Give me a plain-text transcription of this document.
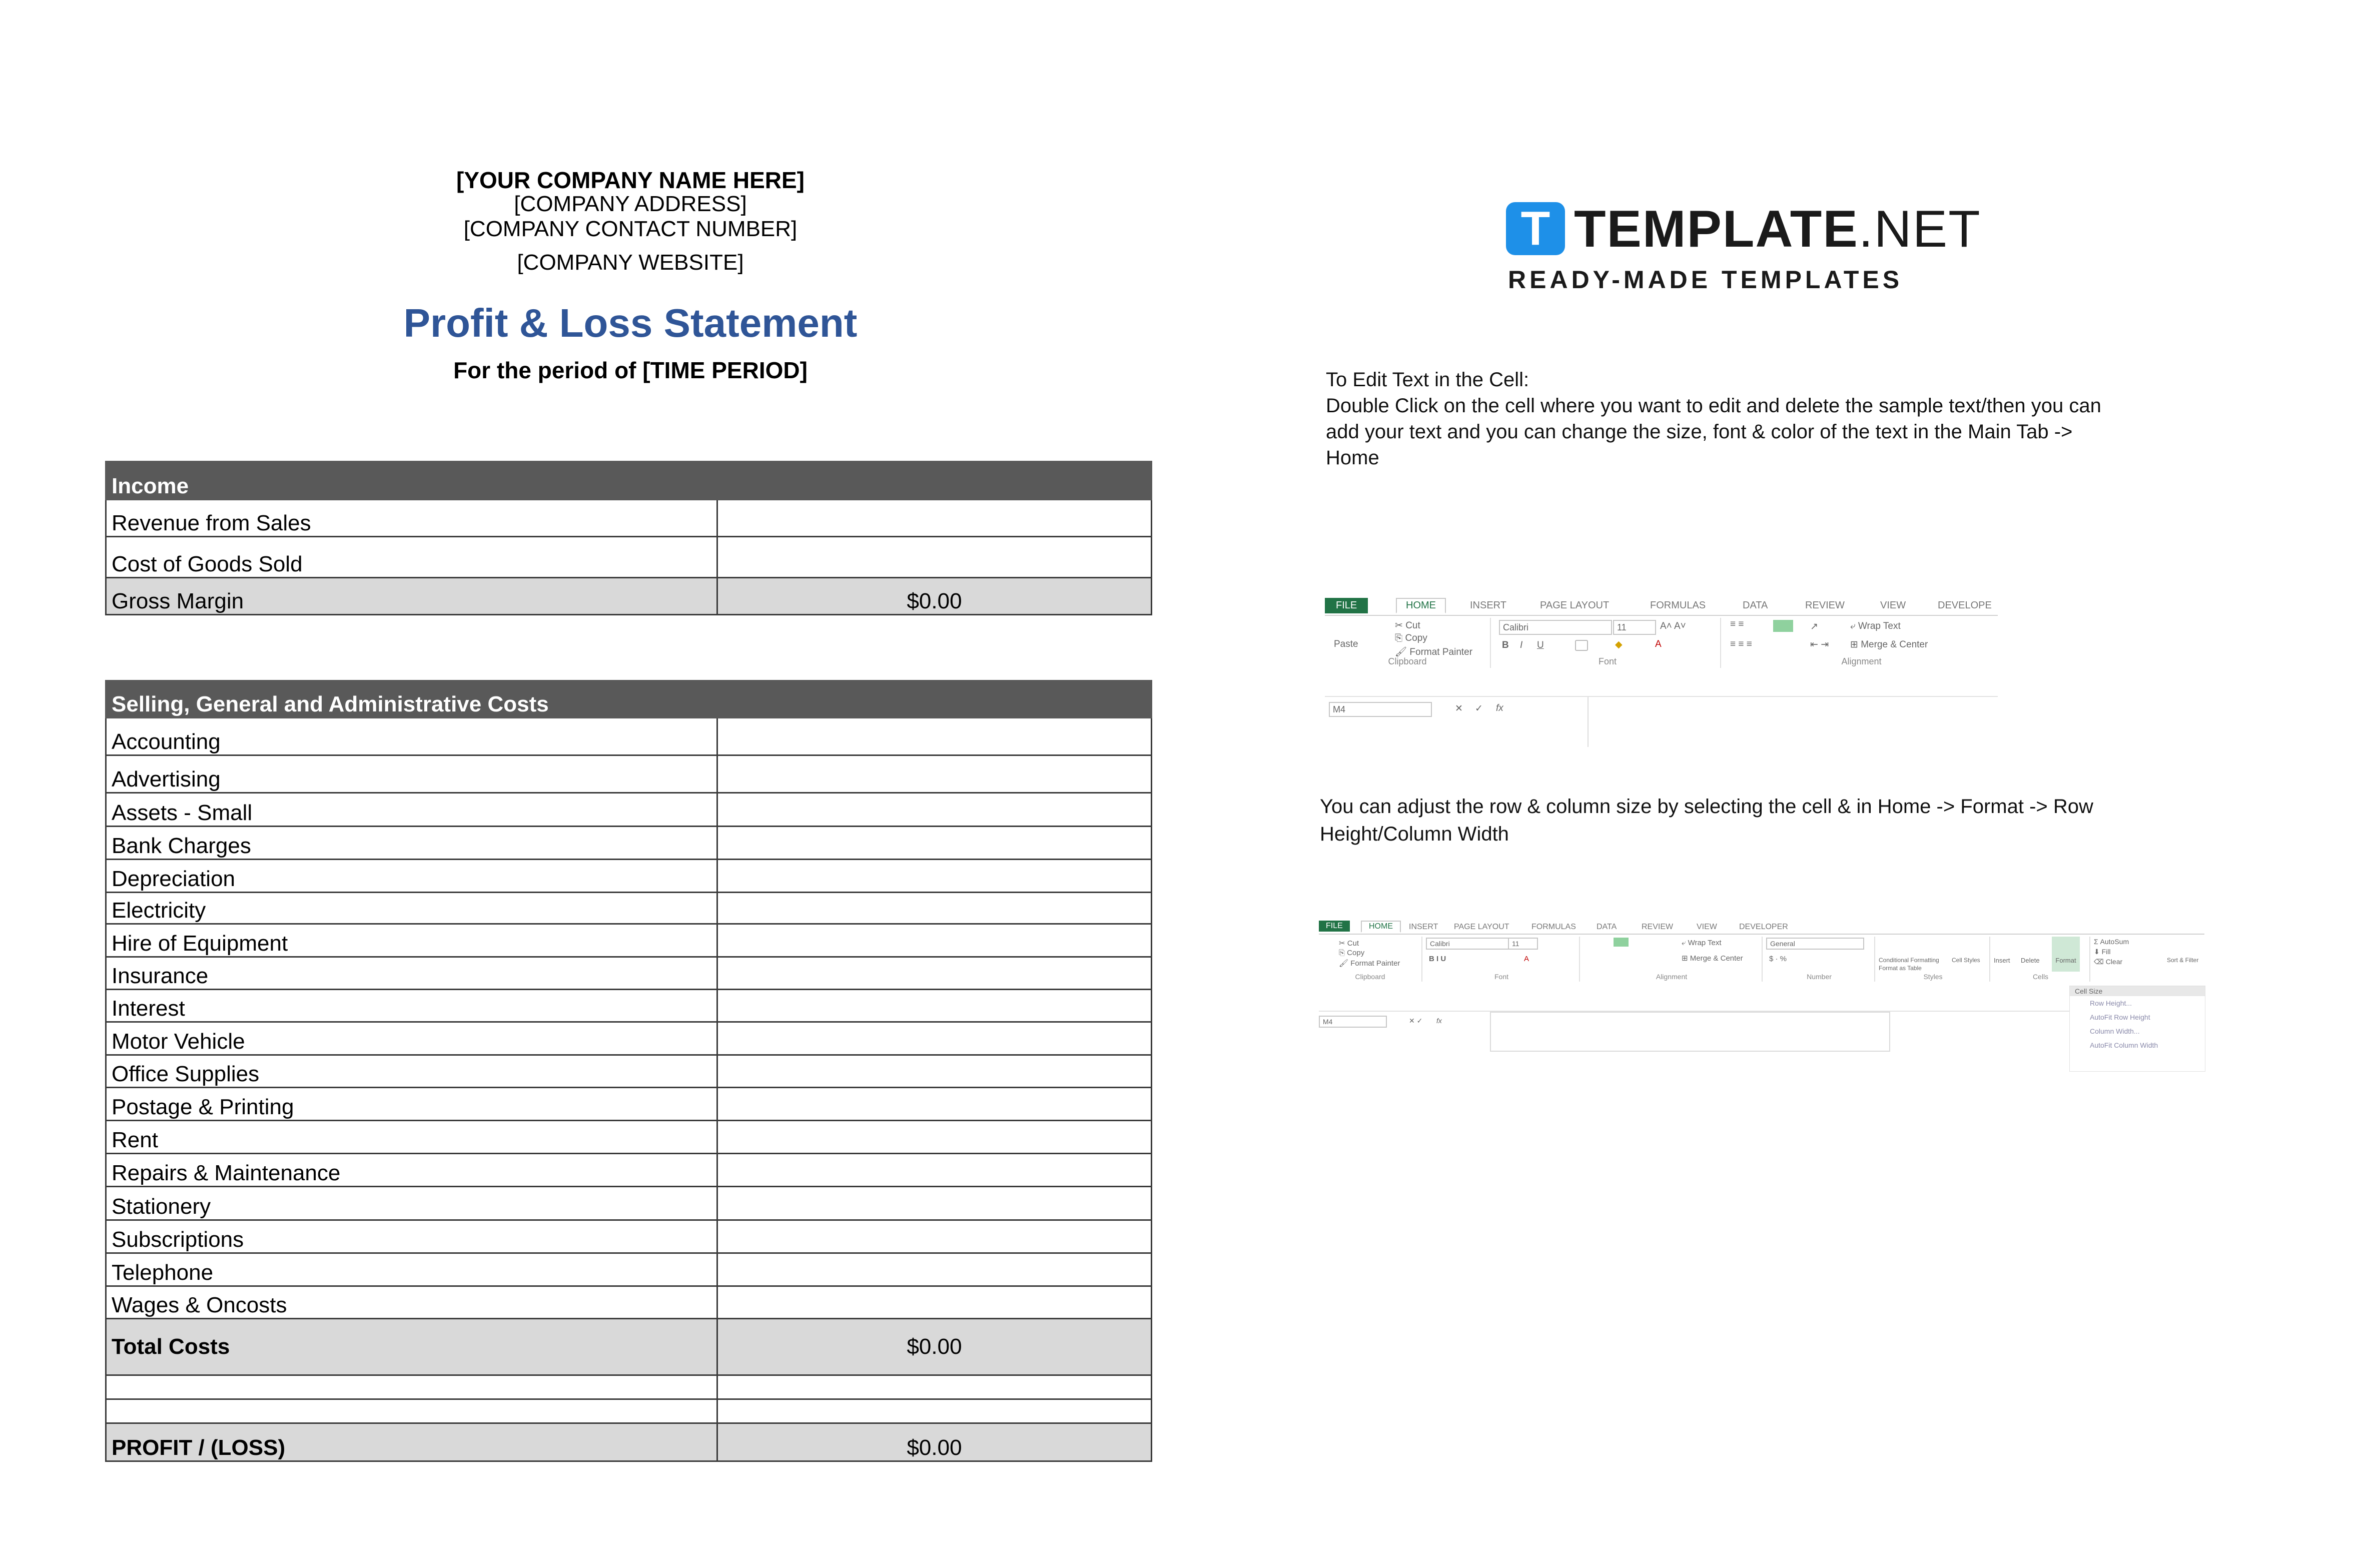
[YOUR COMPANY NAME HERE]
[COMPANY ADDRESS]
[COMPANY CONTACT NUMBER]
[COMPANY WEBSITE]
Profit & Loss Statement
For the period of [TIME PERIOD]
Income	
Revenue from Sales	
Cost of Goods Sold	
Gross Margin	$0.00
Selling, General and Administrative Costs	
Accounting	
Advertising	
Assets - Small	
Bank Charges	
Depreciation	
Electricity	
Hire of Equipment	
Insurance	
Interest	
Motor Vehicle	
Office Supplies	
Postage & Printing	
Rent	
Repairs & Maintenance	
Stationery	
Subscriptions	
Telephone	
Wages & Oncosts	
Total Costs	$0.00

PROFIT / (LOSS)	$0.00
T TEMPLATE.NET
READY-MADE TEMPLATES
To Edit Text in the Cell:
Double Click on the cell where you want to edit and delete the sample text/then you can add your text and you can change the size, font & color of the text in the Main Tab -> Home
You can adjust the row & column size by selecting the cell & in Home -> Format -> Row Height/Column Width
FILE	HOME	INSERT	PAGE LAYOUT	FORMULAS	DATA	REVIEW	VIEW	DEVELOPE
Paste
✂ Cut
⎘ Copy
🖌 Format Painter
Clipboard
Calibri	11	A˄ A˅
B I U	◆	A
Font
≡ ≡
≡ ≡ ≡
↗
⇤ ⇥
⤶ Wrap Text
⊞ Merge & Center
Alignment
M4	✕ ✓ fx
FILE	HOME	INSERT PAGE LAYOUT	FORMULAS	DATA	REVIEW	VIEW	DEVELOPER
✂ Cut
⎘ Copy
🖌 Format Painter
Clipboard
Calibri	11
B I U	A
Font
⤶ Wrap Text
⊞ Merge & Center
Alignment
General
$ · %
Number
Conditional Formatting
Format as Table
Cell Styles
Styles
Insert Delete	Format
Cells
Σ AutoSum
⬇ Fill
⌫ Clear	Sort & Filter
M4	✕ ✓ fx
Cell Size
Row Height...
AutoFit Row Height
Column Width...
AutoFit Column Width
